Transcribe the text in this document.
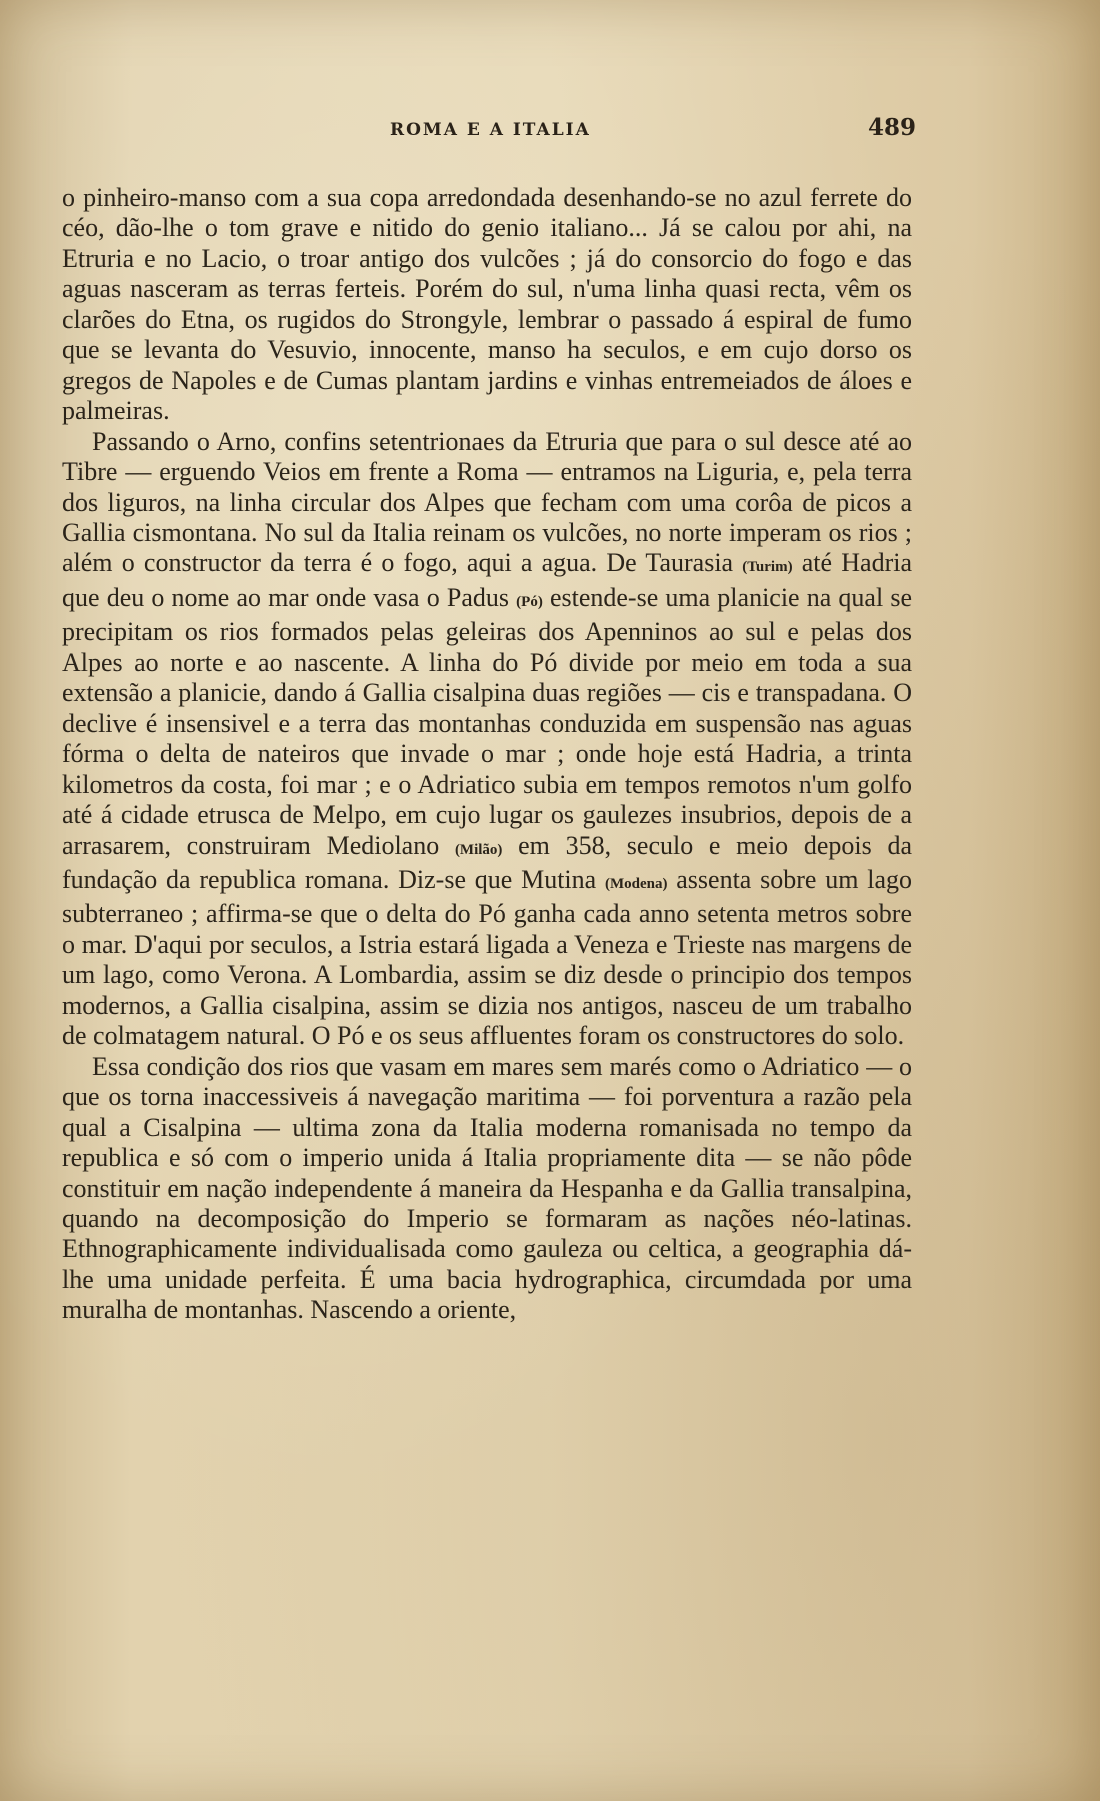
ROMA E A ITALIA	489

o pinheiro-manso com a sua copa arredondada desenhando-se no azul ferrete do céo, dão-lhe o tom grave e nitido do genio italiano... Já se calou por ahi, na Etruria e no Lacio, o troar antigo dos vulcões ; já do consorcio do fogo e das aguas nasceram as terras ferteis. Porém do sul, n'uma linha quasi recta, vêm os clarões do Etna, os rugidos do Strongyle, lembrar o passado á espiral de fumo que se levanta do Vesuvio, innocente, manso ha seculos, e em cujo dorso os gregos de Napoles e de Cumas plantam jardins e vinhas entremeiados de áloes e palmeiras.

Passando o Arno, confins setentrionaes da Etruria que para o sul desce até ao Tibre — erguendo Veios em frente a Roma — entramos na Liguria, e, pela terra dos liguros, na linha circular dos Alpes que fecham com uma corôa de picos a Gallia cismontana. No sul da Italia reinam os vulcões, no norte imperam os rios ; além o constructor da terra é o fogo, aqui a agua. De Taurasia (Turim) até Hadria que deu o nome ao mar onde vasa o Padus (Pó) estende-se uma planicie na qual se precipitam os rios formados pelas geleiras dos Apenninos ao sul e pelas dos Alpes ao norte e ao nascente. A linha do Pó divide por meio em toda a sua extensão a planicie, dando á Gallia cisalpina duas regiões — cis e transpadana. O declive é insensivel e a terra das montanhas conduzida em suspensão nas aguas fórma o delta de nateiros que invade o mar ; onde hoje está Hadria, a trinta kilometros da costa, foi mar ; e o Adriatico subia em tempos remotos n'um golfo até á cidade etrusca de Melpo, em cujo lugar os gaulezes insubrios, depois de a arrasarem, construiram Mediolano (Milão) em 358, seculo e meio depois da fundação da republica romana. Diz-se que Mutina (Modena) assenta sobre um lago subterraneo ; affirma-se que o delta do Pó ganha cada anno setenta metros sobre o mar. D'aqui por seculos, a Istria estará ligada a Veneza e Trieste nas margens de um lago, como Verona. A Lombardia, assim se diz desde o principio dos tempos modernos, a Gallia cisalpina, assim se dizia nos antigos, nasceu de um trabalho de colmatagem natural. O Pó e os seus affluentes foram os constructores do solo.

Essa condição dos rios que vasam em mares sem marés como o Adriatico — o que os torna inaccessiveis á navegação maritima — foi porventura a razão pela qual a Cisalpina — ultima zona da Italia moderna romanisada no tempo da republica e só com o imperio unida á Italia propriamente dita — se não pôde constituir em nação independente á maneira da Hespanha e da Gallia transalpina, quando na decomposição do Imperio se formaram as nações néo-latinas. Ethnographicamente individualisada como gauleza ou celtica, a geographia dá-lhe uma unidade perfeita. É uma bacia hydrographica, circumdada por uma muralha de montanhas. Nascendo a oriente,
